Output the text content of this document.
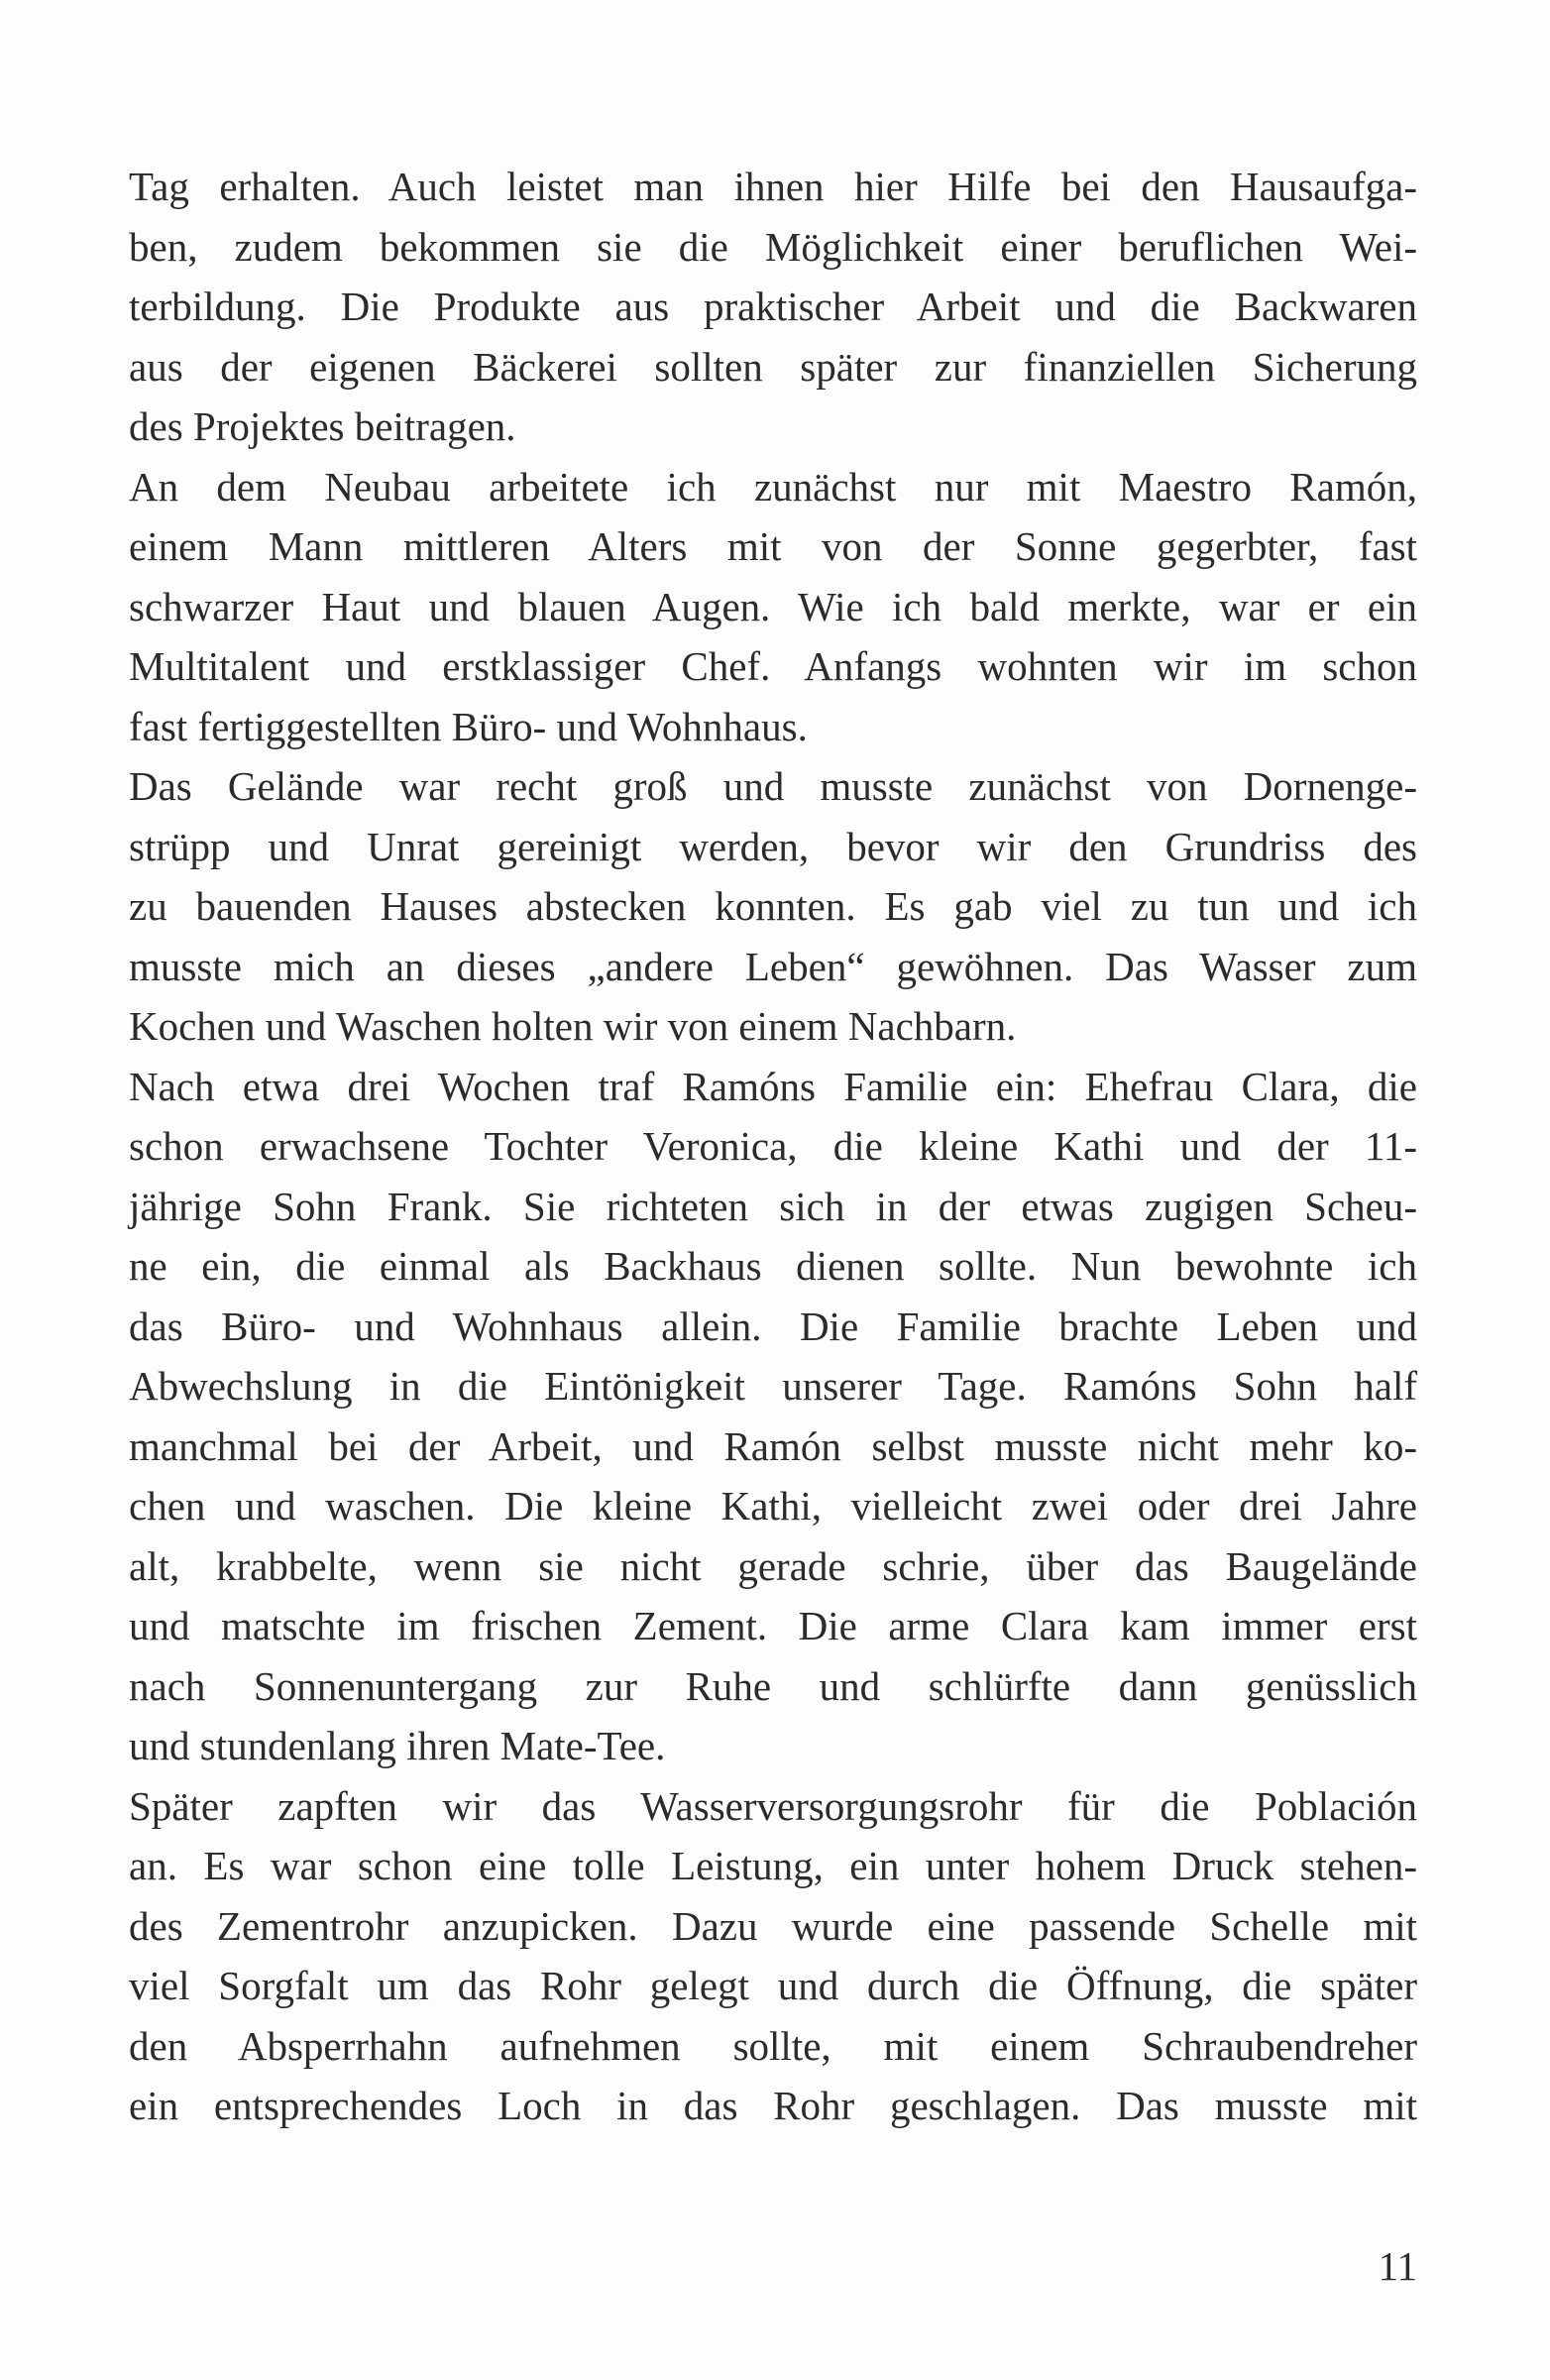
Tag erhalten. Auch leistet man ihnen hier Hilfe bei den Hausaufga-
ben, zudem bekommen sie die Möglichkeit einer beruflichen Wei-
terbildung. Die Produkte aus praktischer Arbeit und die Backwaren
aus der eigenen Bäckerei sollten später zur finanziellen Sicherung
des Projektes beitragen.
An dem Neubau arbeitete ich zunächst nur mit Maestro Ramón,
einem Mann mittleren Alters mit von der Sonne gegerbter, fast
schwarzer Haut und blauen Augen. Wie ich bald merkte, war er ein
Multitalent und erstklassiger Chef. Anfangs wohnten wir im schon
fast fertiggestellten Büro- und Wohnhaus.
Das Gelände war recht groß und musste zunächst von Dornenge-
strüpp und Unrat gereinigt werden, bevor wir den Grundriss des
zu bauenden Hauses abstecken konnten. Es gab viel zu tun und ich
musste mich an dieses „andere Leben“ gewöhnen. Das Wasser zum
Kochen und Waschen holten wir von einem Nachbarn.
Nach etwa drei Wochen traf Ramóns Familie ein: Ehefrau Clara, die
schon erwachsene Tochter Veronica, die kleine Kathi und der 11-
jährige Sohn Frank. Sie richteten sich in der etwas zugigen Scheu-
ne ein, die einmal als Backhaus dienen sollte. Nun bewohnte ich
das Büro- und Wohnhaus allein. Die Familie brachte Leben und
Abwechslung in die Eintönigkeit unserer Tage. Ramóns Sohn half
manchmal bei der Arbeit, und Ramón selbst musste nicht mehr ko-
chen und waschen. Die kleine Kathi, vielleicht zwei oder drei Jahre
alt, krabbelte, wenn sie nicht gerade schrie, über das Baugelände
und matschte im frischen Zement. Die arme Clara kam immer erst
nach Sonnenuntergang zur Ruhe und schlürfte dann genüsslich
und stundenlang ihren Mate-Tee.
Später zapften wir das Wasserversorgungsrohr für die Población
an. Es war schon eine tolle Leistung, ein unter hohem Druck stehen-
des Zementrohr anzupicken. Dazu wurde eine passende Schelle mit
viel Sorgfalt um das Rohr gelegt und durch die Öffnung, die später
den Absperrhahn aufnehmen sollte, mit einem Schraubendreher
ein entsprechendes Loch in das Rohr geschlagen. Das musste mit
11
